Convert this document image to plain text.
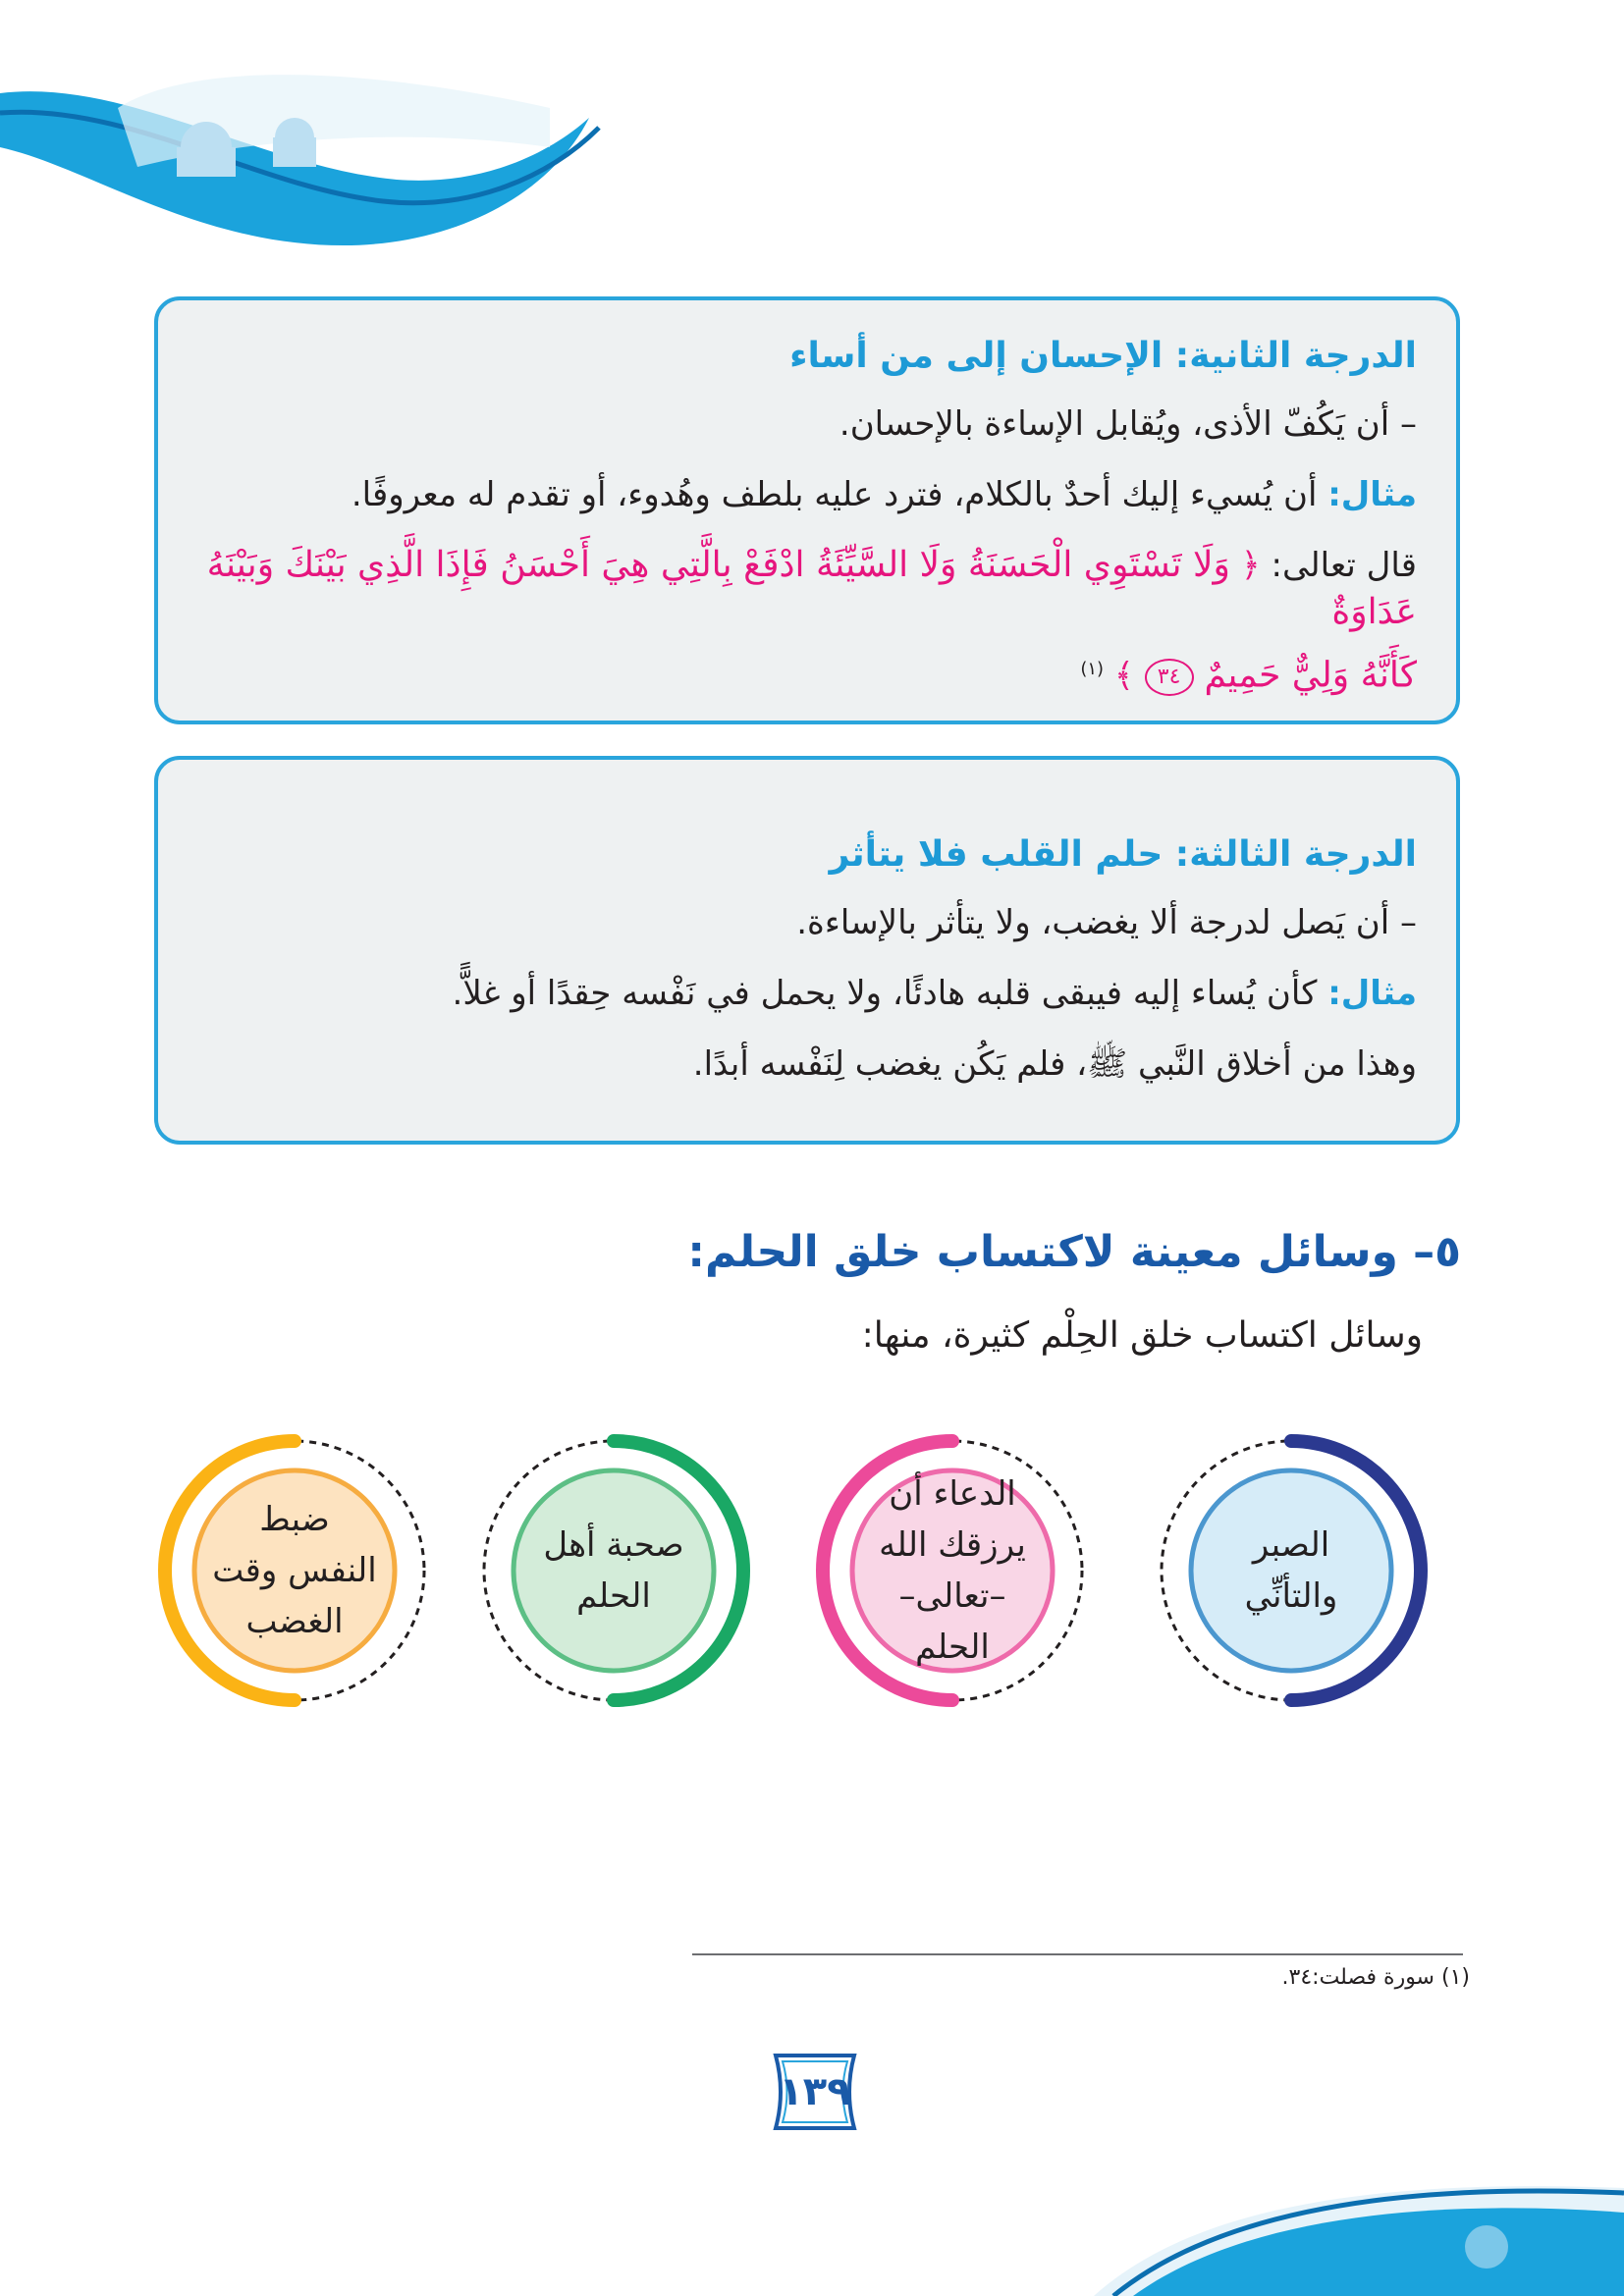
الدرجة الثانية: الإحسان إلى من أساء
– أن يَكُفّ الأذى، ويُقابل الإساءة بالإحسان.
مثال: أن يُسيء إليك أحدٌ بالكلام، فترد عليه بلطف وهُدوء، أو تقدم له معروفًا.
قال تعالى: ﴿ وَلَا تَسْتَوِي الْحَسَنَةُ وَلَا السَّيِّئَةُ ادْفَعْ بِالَّتِي هِيَ أَحْسَنُ فَإِذَا الَّذِي بَيْنَكَ وَبَيْنَهُ عَدَاوَةٌ
كَأَنَّهُ وَلِيٌّ حَمِيمٌ ٣٤ ﴾ $^{(١)}$
الدرجة الثالثة: حلم القلب فلا يتأثر
– أن يَصل لدرجة ألا يغضب، ولا يتأثر بالإساءة.
مثال: كأن يُساء إليه فيبقى قلبه هادئًا، ولا يحمل في نَفْسه حِقدًا أو غلاًّ.
وهذا من أخلاق النَّبي ﷺ، فلم يَكُن يغضب لِنَفْسه أبدًا.
٥– وسائل معينة لاكتساب خلق الحلم:
وسائل اكتساب خلق الحِلْم كثيرة، منها:
الصبر والتأنِّي
الدعاء أن يرزقك الله –تعالى– الحلم
صحبة أهل الحلم
ضبط النفس وقت الغضب
(١) سورة فصلت:٣٤.
١٣٩
